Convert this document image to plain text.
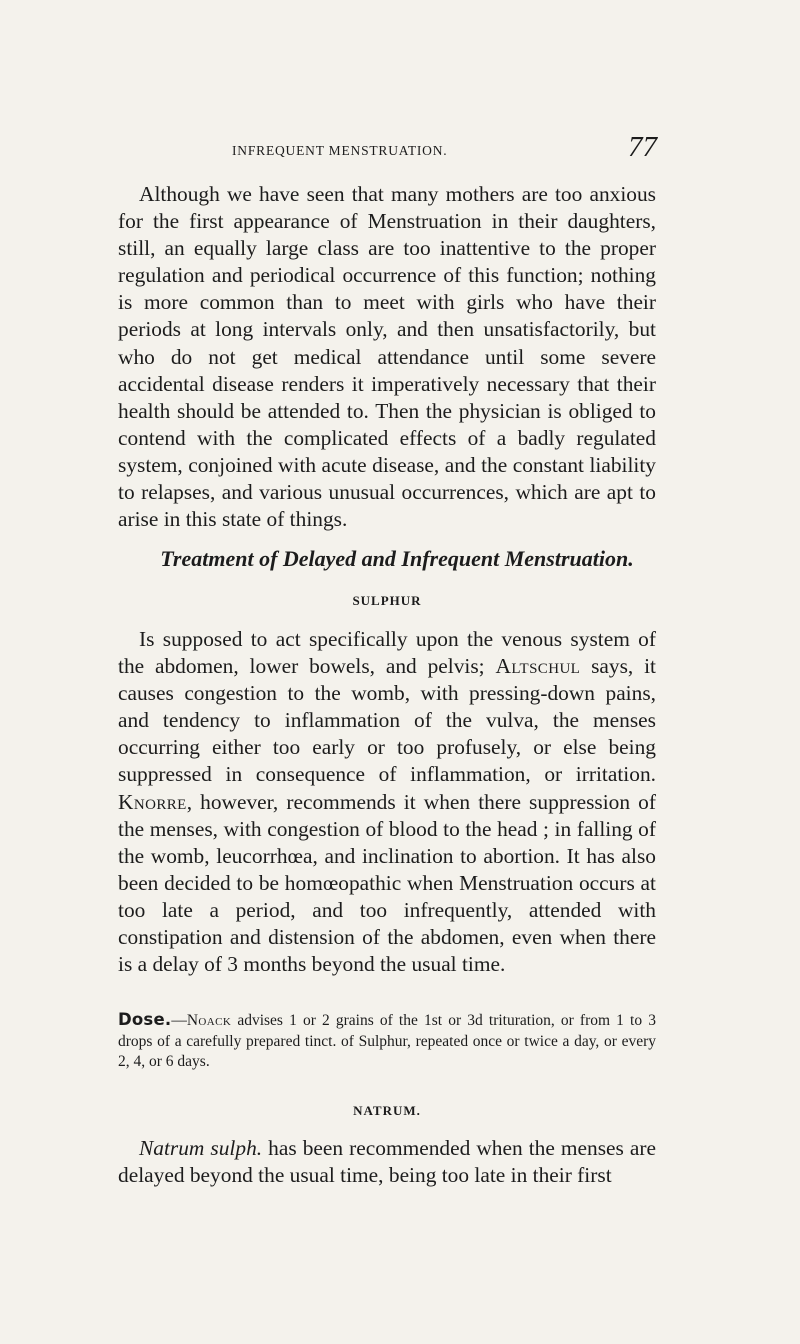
INFREQUENT MENSTRUATION.	77

Although we have seen that many mothers are too anxious for the first appearance of Menstruation in their daughters, still, an equally large class are too inattentive to the proper regulation and periodical occurrence of this function; nothing is more common than to meet with girls who have their periods at long intervals only, and then unsatisfactorily, but who do not get medical attendance until some severe accidental disease renders it imperatively necessary that their health should be attended to. Then the physician is obliged to contend with the complicated effects of a badly regulated system, conjoined with acute disease, and the constant liability to relapses, and various unusual occurrences, which are apt to arise in this state of things.

Treatment of Delayed and Infrequent Menstruation.
SULPHUR

Is supposed to act specifically upon the venous system of the abdomen, lower bowels, and pelvis; Altschul says, it causes congestion to the womb, with pressing-down pains, and tendency to inflammation of the vulva, the menses occurring either too early or too profusely, or else being suppressed in consequence of inflammation, or irritation. Knorre, however, recommends it when there suppression of the menses, with congestion of blood to the head ; in falling of the womb, leucorrhœa, and inclination to abortion. It has also been decided to be homœopathic when Menstruation occurs at too late a period, and too infrequently, attended with constipation and distension of the abdomen, even when there is a delay of 3 months beyond the usual time.

Dose.—Noack advises 1 or 2 grains of the 1st or 3d trituration, or from 1 to 3 drops of a carefully prepared tinct. of Sulphur, repeated once or twice a day, or every 2, 4, or 6 days.

NATRUM.

Natrum sulph. has been recommended when the menses are delayed beyond the usual time, being too late in their first
